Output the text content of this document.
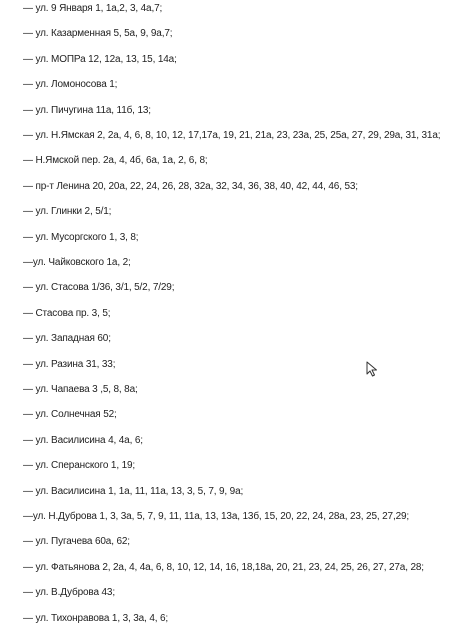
— ул. 9 Января 1, 1а,2, 3, 4а,7;
— ул. Казарменная 5, 5а, 9, 9а,7;
— ул. МОПРа 12, 12а, 13, 15, 14а;
— ул. Ломоносова 1;
— ул. Пичугина 11а, 11б, 13;
— ул. Н.Ямская 2, 2а, 4, 6, 8, 10, 12, 17,17а, 19, 21, 21а, 23, 23а, 25, 25а, 27, 29, 29а, 31, 31а;
— Н.Ямской пер. 2а, 4, 4б, 6а, 1а, 2, 6, 8;
— пр-т Ленина 20, 20а, 22, 24, 26, 28, 32а, 32, 34, 36, 38, 40, 42, 44, 46, 53;
— ул. Глинки 2, 5/1;
— ул. Мусоргского 1, 3, 8;
—ул. Чайковского 1а, 2;
— ул. Стасова 1/36, 3/1, 5/2, 7/29;
— Стасова пр. 3, 5;
— ул. Западная 60;
— ул. Разина 31, 33;
— ул. Чапаева 3 ,5, 8, 8а;
— ул. Солнечная 52;
— ул. Василисина 4, 4а, 6;
— ул. Сперанского 1, 19;
— ул. Василисина 1, 1а, 11, 11а, 13, 3, 5, 7, 9, 9а;
—ул. Н.Дуброва 1, 3, 3а, 5, 7, 9, 11, 11а, 13, 13а, 13б, 15, 20, 22, 24, 28а, 23, 25, 27,29;
— ул. Пугачева 60а, 62;
— ул. Фатьянова 2, 2а, 4, 4а, 6, 8, 10, 12, 14, 16, 18,18а, 20, 21, 23, 24, 25, 26, 27, 27а, 28;
— ул. В.Дуброва 43;
— ул. Тихонравова 1, 3, 3а, 4, 6;
